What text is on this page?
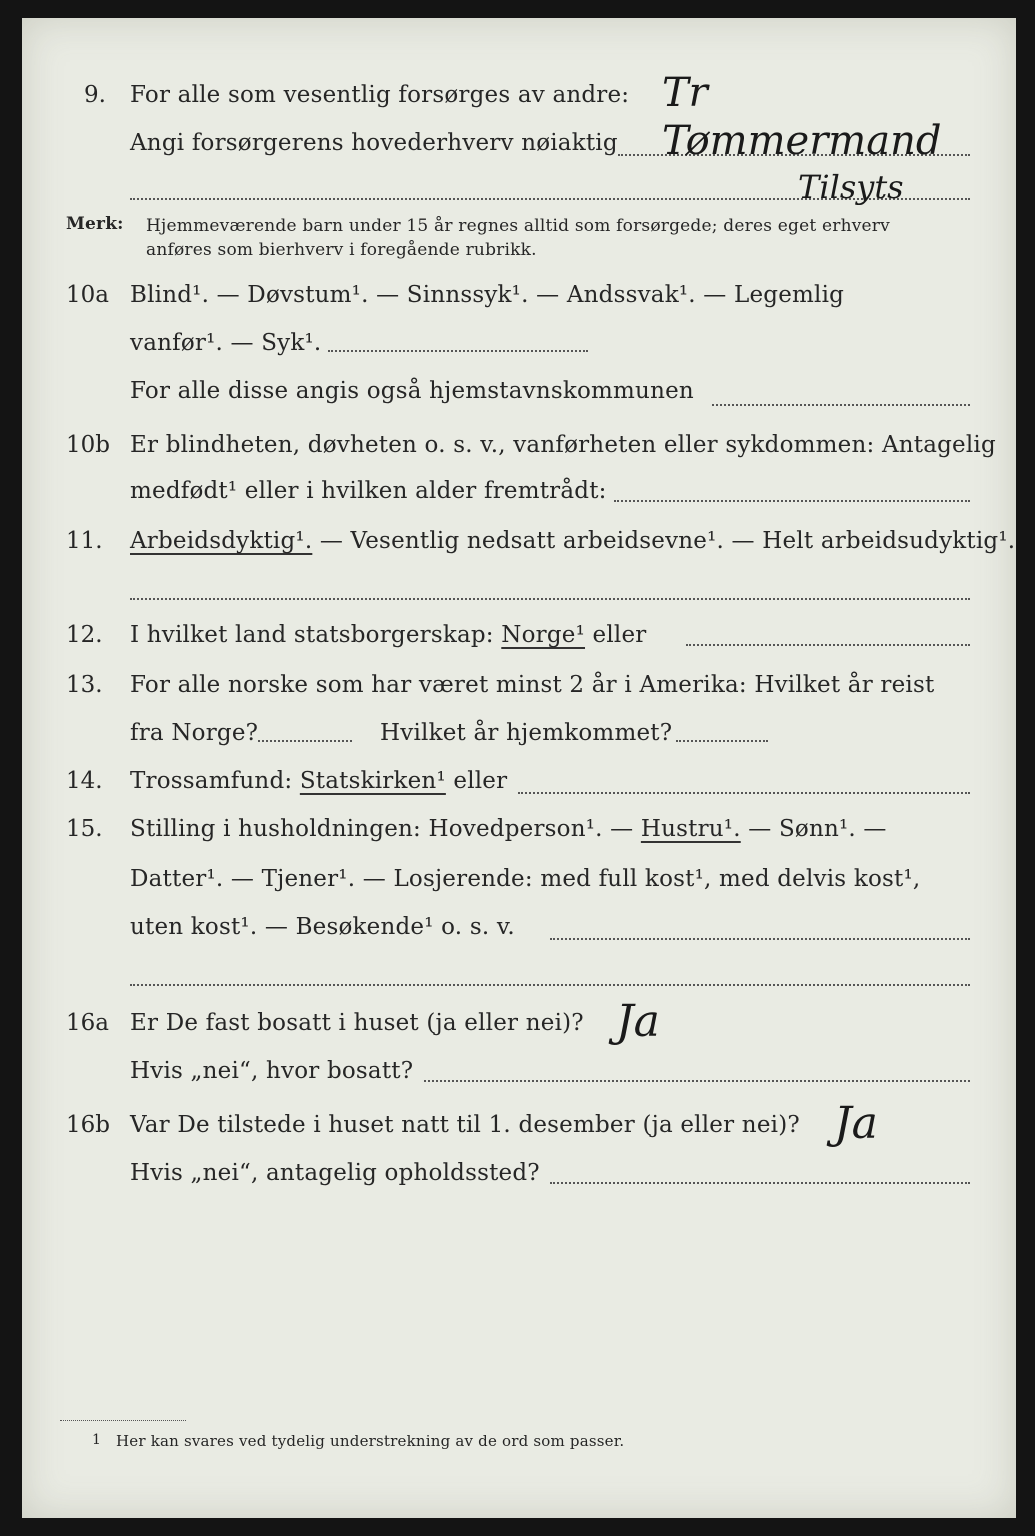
9. For alle som vesentlig forsørges av andre:
Angi forsørgerens hovederhverv nøiaktig
Tr
Tømmermand
Tilsyts
Merk: Hjemmeværende barn under 15 år regnes alltid som forsørgede; deres eget erhverv
anføres som bierhverv i foregående rubrikk.
10a Blind¹. — Døvstum¹. — Sinnssyk¹. — Andssvak¹. — Legemlig
vanfør¹. — Syk¹.
For alle disse angis også hjemstavnskommunen
10b Er blindheten, døvheten o. s. v., vanførheten eller sykdommen: Antagelig
medfødt¹ eller i hvilken alder fremtrådt:
11. Arbeidsdyktig¹. — Vesentlig nedsatt arbeidsevne¹. — Helt arbeidsudyktig¹.
12. I hvilket land statsborgerskap: Norge¹ eller
13. For alle norske som har været minst 2 år i Amerika: Hvilket år reist
fra Norge?	Hvilket år hjemkommet?
14. Trossamfund: Statskirken¹ eller
15. Stilling i husholdningen: Hovedperson¹. — Hustru¹. — Sønn¹. —
Datter¹. — Tjener¹. — Losjerende: med full kost¹, med delvis kost¹,
uten kost¹. — Besøkende¹ o. s. v.
16a Er De fast bosatt i huset (ja eller nei)?
Hvis „nei“, hvor bosatt?
Ja
16b Var De tilstede i huset natt til 1. desember (ja eller nei)?
Hvis „nei“, antagelig opholdssted?
Ja
1 Her kan svares ved tydelig understrekning av de ord som passer.
